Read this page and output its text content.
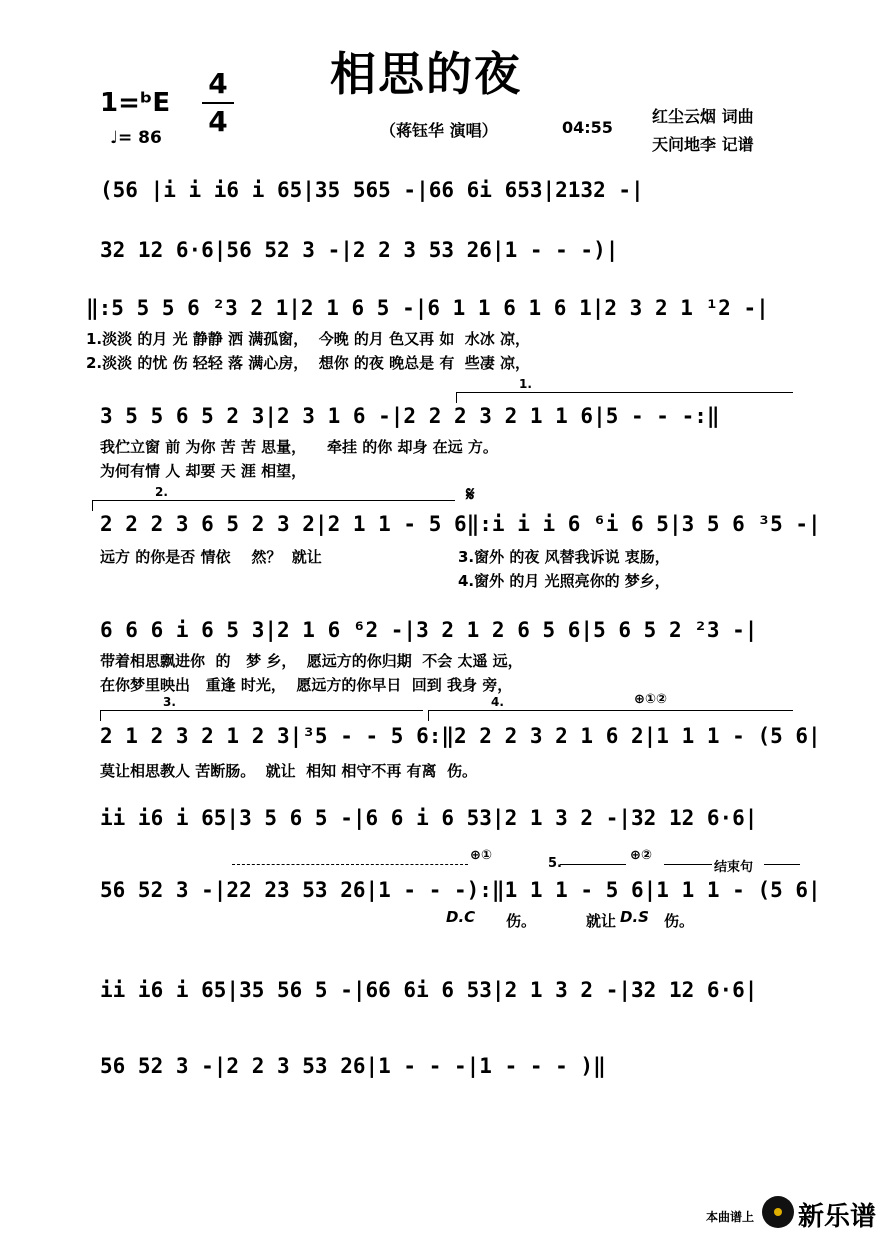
相思的夜
1=ᵇE
4
4
♩= 86	（蒋钰华 演唱）	04:55
红尘云烟 词曲
天问地李 记谱
(56 |i i i6 i 65|35 565 -|66 6i 653|2132 -|
32 12 6·6|56 52 3 -|2 2 3 53 26|1 - - -)|
‖:5 5 5 6 ²3 2 1|2 1 6 5 -|6 1 1 6 1 6 1|2 3 2 1 ¹2 -|
1.淡淡 的月 光 静静 洒 满孤窗，  今晚 的月 色又再 如  水冰 凉，
2.淡淡 的忧 伤 轻轻 落 满心房，  想你 的夜 晚总是 有  些凄 凉，
1.
3 5 5 6 5 2 3|2 3 1 6 -|2 2 2 3 2 1 1 6|5 - - -:‖
我伫立窗 前 为你 苦 苦 思量，    牵挂 的你 却身 在远 方。
为何有情 人 却要 天 涯 相望，
2.	𝄋
2 2 2 3 6 5 2 3 2|2 1 1 - 5 6‖:i i i 6 ⁶i 6 5|3 5 6 ³5 -|
远方 的你是否 情依    然？  就让	3.窗外 的夜 风替我诉说 衷肠，
4.窗外 的月 光照亮你的 梦乡，
6 6 6 i 6 5 3|2 1 6 ⁶2 -|3 2 1 2 6 5 6|5 6 5 2 ²3 -|
带着相思飘进你  的   梦 乡，  愿远方的你归期  不会 太遥 远，
在你梦里映出   重逢 时光，  愿远方的你早日  回到 我身 旁，
3.	4.	⊕①②
2 1 2 3 2 1 2 3|³5 - - 5 6:‖2 2 2 3 2 1 6 2|1 1 1 - (5 6|
莫让相思教人 苦断肠。  就让  相知 相守不再 有离  伤。
ii i6 i 65|3 5 6 5 -|6 6 i 6 53|2 1 3 2 -|32 12 6·6|
⊕①
5.
⊕②
结束句
56 52 3 -|22 23 53 26|1 - - -):‖1 1 1 - 5 6|1 1 1 - (5 6|
D.C 伤。	就让 D.S 伤。
ii i6 i 65|35 56 5 -|66 6i 6 53|2 1 3 2 -|32 12 6·6|
56 52 3 -|2 2 3 53 26|1 - - -|1 - - - )‖
本曲谱上 新乐谱
